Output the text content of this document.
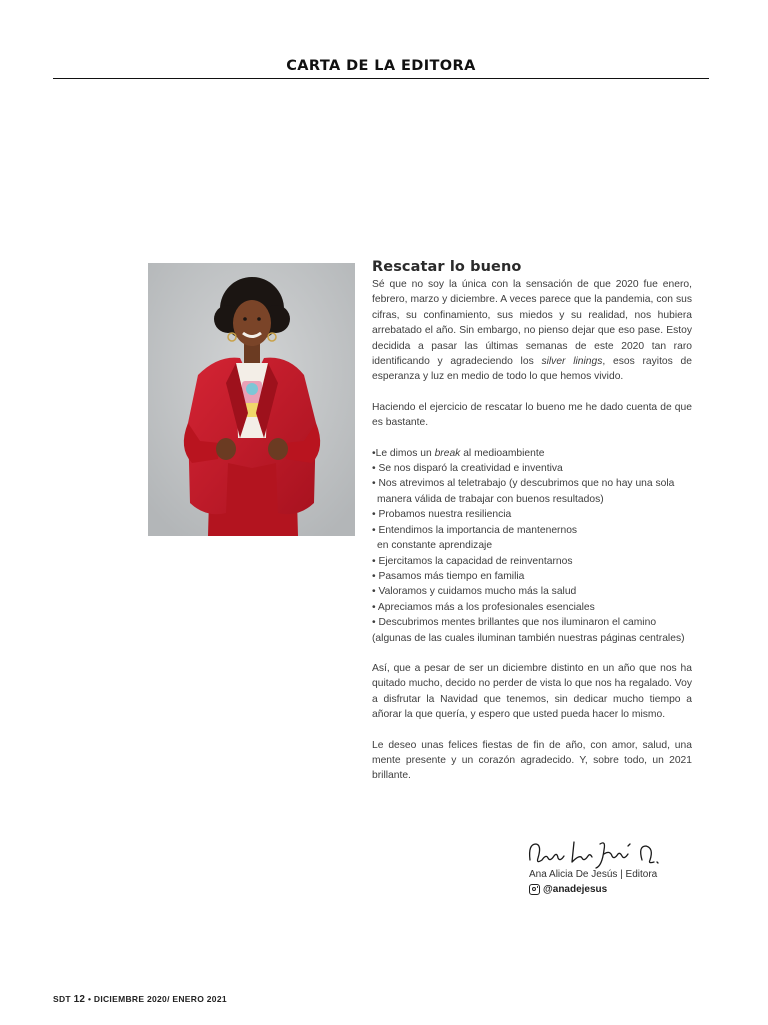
CARTA DE LA EDITORA
Rescatar lo bueno

Sé que no soy la única con la sensación de que 2020 fue enero, febrero, marzo y diciembre. A veces parece que la pandemia, con sus cifras, su confinamiento, sus miedos y su realidad, nos hubiera arrebatado el año. Sin embargo, no pienso dejar que eso pase. Estoy decidida a pasar las últimas semanas de este 2020 tan raro identificando y agradeciendo los silver linings, esos rayitos de esperanza y luz en medio de todo lo que hemos vivido.

Haciendo el ejercicio de rescatar lo bueno me he dado cuenta de que es bastante.

•Le dimos un break al medioambiente
• Se nos disparó la creatividad e inventiva
• Nos atrevimos al teletrabajo (y descubrimos que no hay una sola
manera válida de trabajar con buenos resultados)
• Probamos nuestra resiliencia
• Entendimos la importancia de mantenernos
en constante aprendizaje
• Ejercitamos la capacidad de reinventarnos
• Pasamos más tiempo en familia
• Valoramos y cuidamos mucho más la salud
• Apreciamos más a los profesionales esenciales
• Descubrimos mentes brillantes que nos iluminaron el camino
(algunas de las cuales iluminan también nuestras páginas centrales)

Así, que a pesar de ser un diciembre distinto en un año que nos ha quitado mucho, decido no perder de vista lo que nos ha regalado. Voy a disfrutar la Navidad que tenemos, sin dedicar mucho tiempo a añorar la que quería, y espero que usted pueda hacer lo mismo.

Le deseo unas felices fiestas de fin de año, con amor, salud, una mente presente y un corazón agradecido. Y, sobre todo, un 2021 brillante.

Ana Alicia De Jesús | Editora
@anadejesus
SDT 12 • DICIEMBRE 2020/ ENERO 2021
